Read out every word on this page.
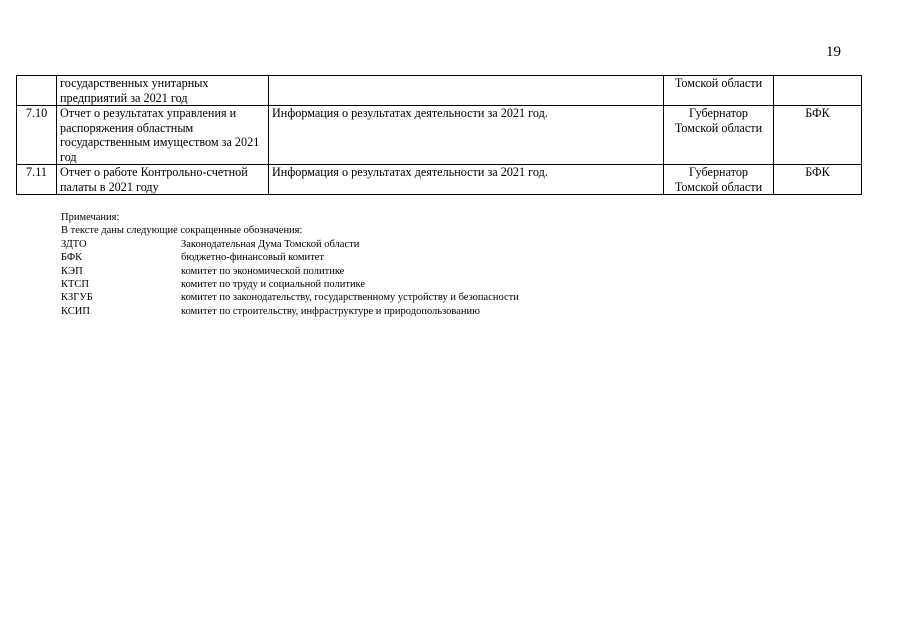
19
	государственных унитарных предприятий за 2021 год		Томской области	
7.10	Отчет о результатах управления и распоряжения областным государственным имуществом за 2021 год	Информация о результатах деятельности за 2021 год.	Губернатор Томской области	БФК
7.11	Отчет о работе Контрольно-счетной палаты в 2021 году	Информация о результатах деятельности за 2021 год.	Губернатор Томской области	БФК
Примечания:
В тексте даны следующие сокращенные обозначения:
ЗДТО	Законодательная Дума Томской области
БФК	бюджетно-финансовый комитет
КЭП	комитет по экономической политике
КТСП	комитет по труду и социальной политике
КЗГУБ	комитет по законодательству, государственному устройству и безопасности
КСИП	комитет по строительству, инфраструктуре и природопользованию
